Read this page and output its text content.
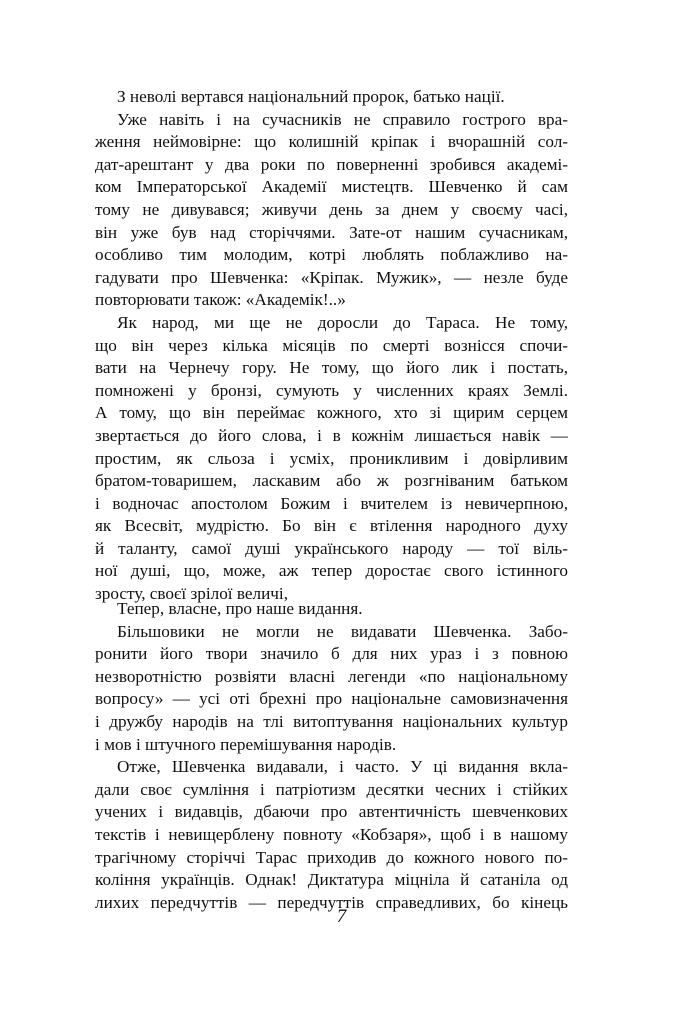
З неволі вертався національний пророк, батько нації.
Уже навіть і на сучасників не справило гострого вра-
ження неймовірне: що колишній кріпак і вчорашній сол-
дат-арештант у два роки по поверненні зробився академі-
ком Імператорської Академії мистецтв. Шевченко й сам
тому не дивувався; живучи день за днем у своєму часі,
він уже був над сторіччями. Зате-от нашим сучасникам,
особливо тим молодим, котрі люблять поблажливо на-
гадувати про Шевченка: «Кріпак. Мужик», — незле буде
повторювати також: «Академік!..»
Як народ, ми ще не доросли до Тараса. Не тому,
що він через кілька місяців по смерті вознісся спочи-
вати на Чернечу гору. Не тому, що його лик і постать,
помножені у бронзі, сумують у численних краях Землі.
А тому, що він переймає кожного, хто зі щирим серцем
звертається до його слова, і в кожнім лишається навік —
простим, як сльоза і усміх, проникливим і довірливим
братом-товаришем, ласкавим або ж розгніваним батьком
і водночас апостолом Божим і вчителем із невичерпною,
як Всесвіт, мудрістю. Бо він є втілення народного духу
й таланту, самої душі українського народу — тої віль-
ної душі, що, може, аж тепер доростає свого істинного
зросту, своєї зрілої величі,
Тепер, власне, про наше видання.
Більшовики не могли не видавати Шевченка. Забо-
ронити його твори значило б для них ураз і з повною
незворотністю розвіяти власні легенди «по національному
вопросу» — усі оті брехні про національне самовизначення
і дружбу народів на тлі витоптування національних культур
і мов і штучного перемішування народів.
Отже, Шевченка видавали, і часто. У ці видання вкла-
дали своє сумління і патріотизм десятки чесних і стійких
учених і видавців, дбаючи про автентичність шевченкових
текстів і невищерблену повноту «Кобзаря», щоб і в нашому
трагічному сторіччі Тарас приходив до кожного нового по-
коління українців. Однак! Диктатура міцніла й сатаніла од
лихих передчуттів — передчуттів справедливих, бо кінець
7
